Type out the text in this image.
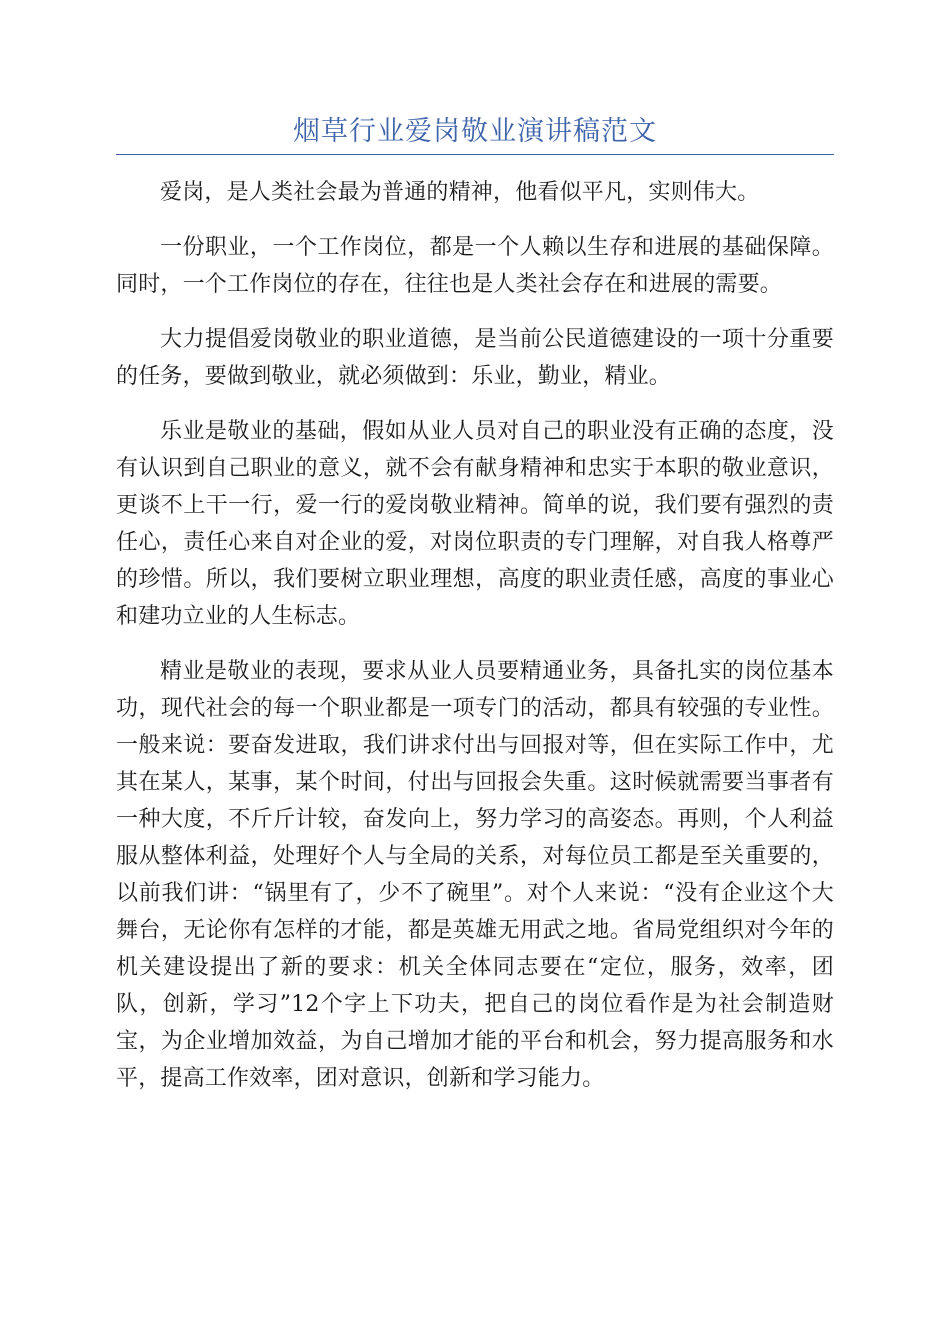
烟草行业爱岗敬业演讲稿范文

爱岗，是人类社会最为普通的精神，他看似平凡，实则伟大。

一份职业，一个工作岗位，都是一个人赖以生存和进展的基础保障。同时，一个工作岗位的存在，往往也是人类社会存在和进展的需要。

大力提倡爱岗敬业的职业道德，是当前公民道德建设的一项十分重要的任务，要做到敬业，就必须做到：乐业，勤业，精业。

乐业是敬业的基础，假如从业人员对自己的职业没有正确的态度，没有认识到自己职业的意义，就不会有献身精神和忠实于本职的敬业意识，更谈不上干一行，爱一行的爱岗敬业精神。简单的说，我们要有强烈的责任心，责任心来自对企业的爱，对岗位职责的专门理解，对自我人格尊严的珍惜。所以，我们要树立职业理想，高度的职业责任感，高度的事业心和建功立业的人生标志。

精业是敬业的表现，要求从业人员要精通业务，具备扎实的岗位基本功，现代社会的每一个职业都是一项专门的活动，都具有较强的专业性。一般来说：要奋发进取，我们讲求付出与回报对等，但在实际工作中，尤其在某人，某事，某个时间，付出与回报会失重。这时候就需要当事者有一种大度，不斤斤计较，奋发向上，努力学习的高姿态。再则，个人利益服从整体利益，处理好个人与全局的关系，对每位员工都是至关重要的，以前我们讲：“锅里有了，少不了碗里”。对个人来说：“没有企业这个大舞台，无论你有怎样的才能，都是英雄无用武之地。省局党组织对今年的机关建设提出了新的要求：机关全体同志要在“定位，服务，效率，团队，创新，学习”12个字上下功夫，把自己的岗位看作是为社会制造财宝，为企业增加效益，为自己增加才能的平台和机会，努力提高服务和水平，提高工作效率，团对意识，创新和学习能力。
